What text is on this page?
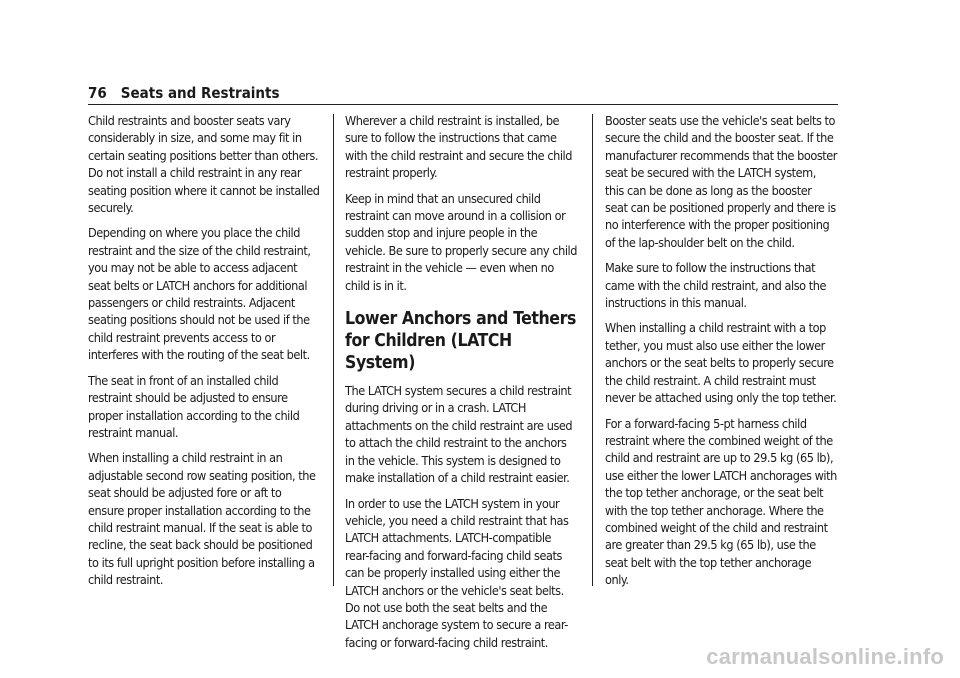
76 Seats and Restraints

Child restraints and booster seats vary considerably in size, and some may fit in certain seating positions better than others. Do not install a child restraint in any rear seating position where it cannot be installed securely.

Depending on where you place the child restraint and the size of the child restraint, you may not be able to access adjacent seat belts or LATCH anchors for additional passengers or child restraints. Adjacent seating positions should not be used if the child restraint prevents access to or interferes with the routing of the seat belt.

The seat in front of an installed child restraint should be adjusted to ensure proper installation according to the child restraint manual.

When installing a child restraint in an adjustable second row seating position, the seat should be adjusted fore or aft to ensure proper installation according to the child restraint manual. If the seat is able to recline, the seat back should be positioned to its full upright position before installing a child restraint.

Wherever a child restraint is installed, be sure to follow the instructions that came with the child restraint and secure the child restraint properly.

Keep in mind that an unsecured child restraint can move around in a collision or sudden stop and injure people in the vehicle. Be sure to properly secure any child restraint in the vehicle — even when no child is in it.

Lower Anchors and Tethers for Children (LATCH System)

The LATCH system secures a child restraint during driving or in a crash. LATCH attachments on the child restraint are used to attach the child restraint to the anchors in the vehicle. This system is designed to make installation of a child restraint easier.

In order to use the LATCH system in your vehicle, you need a child restraint that has LATCH attachments. LATCH-compatible rear-facing and forward-facing child seats can be properly installed using either the LATCH anchors or the vehicle's seat belts. Do not use both the seat belts and the LATCH anchorage system to secure a rear-facing or forward-facing child restraint.

Booster seats use the vehicle's seat belts to secure the child and the booster seat. If the manufacturer recommends that the booster seat be secured with the LATCH system, this can be done as long as the booster seat can be positioned properly and there is no interference with the proper positioning of the lap-shoulder belt on the child.

Make sure to follow the instructions that came with the child restraint, and also the instructions in this manual.

When installing a child restraint with a top tether, you must also use either the lower anchors or the seat belts to properly secure the child restraint. A child restraint must never be attached using only the top tether.

For a forward-facing 5-pt harness child restraint where the combined weight of the child and restraint are up to 29.5 kg (65 lb), use either the lower LATCH anchorages with the top tether anchorage, or the seat belt with the top tether anchorage. Where the combined weight of the child and restraint are greater than 29.5 kg (65 lb), use the seat belt with the top tether anchorage only.

carmanualsonline.info
